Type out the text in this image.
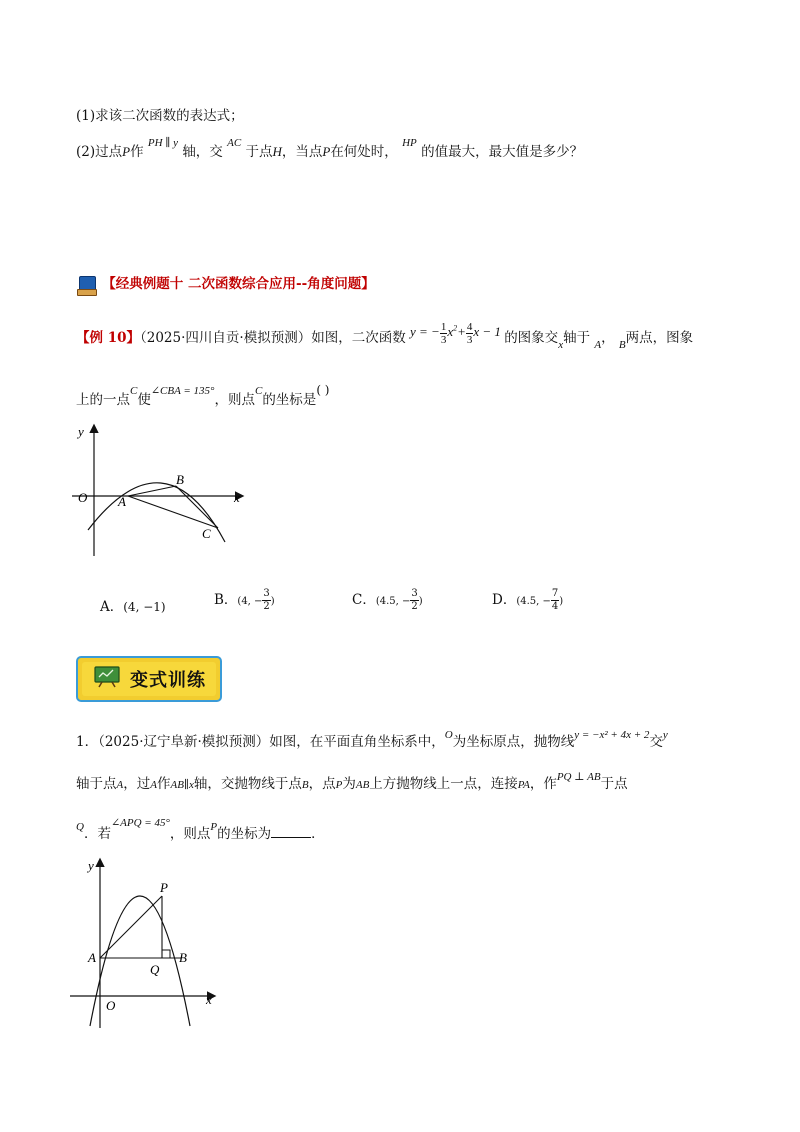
(1)求该二次函数的表达式；
(2)过点P作 $^{PH \parallel y}$ 轴，交 $^{AC}$ 于点H，当点P在何处时， $^{HP}$ 的值最大，最大值是多少？
【经典例题十 二次函数综合应用--角度问题】
【例 10】（2025·四川自贡·模拟预测）如图，二次函数 y = − $\frac{1}{3} x^2+ \frac{4}{3}$ x − 1 的图象交$_x$轴于 $_A$， $_B$两点，图象
上的一点$^C$使$^{\angle CBA = 135^\circ}$，则点$^C$的坐标是( )
y
x
O A
B
C
A．(4, −1)	B．(4, − $\frac{3}{2}$ )	C．(4.5, − $\frac{3}{2}$ )	D．(4.5, − $\frac{7}{4}$ )
变式训练
1．（2025·辽宁阜新·模拟预测）如图，在平面直角坐标系中，$^O$为坐标原点，抛物线$^{y = -x^2 + 4x + 2}$交$^y$
轴于点A，过A作AB∥x轴，交抛物线于点B，点P为AB上方抛物线上一点，连接PA，作$^{PQ \perp AB}$于点
$^Q$．若$^{\angle APQ = 45^\circ}$，则点$^P$的坐标为	．
y
x
O
A	B
P
Q
